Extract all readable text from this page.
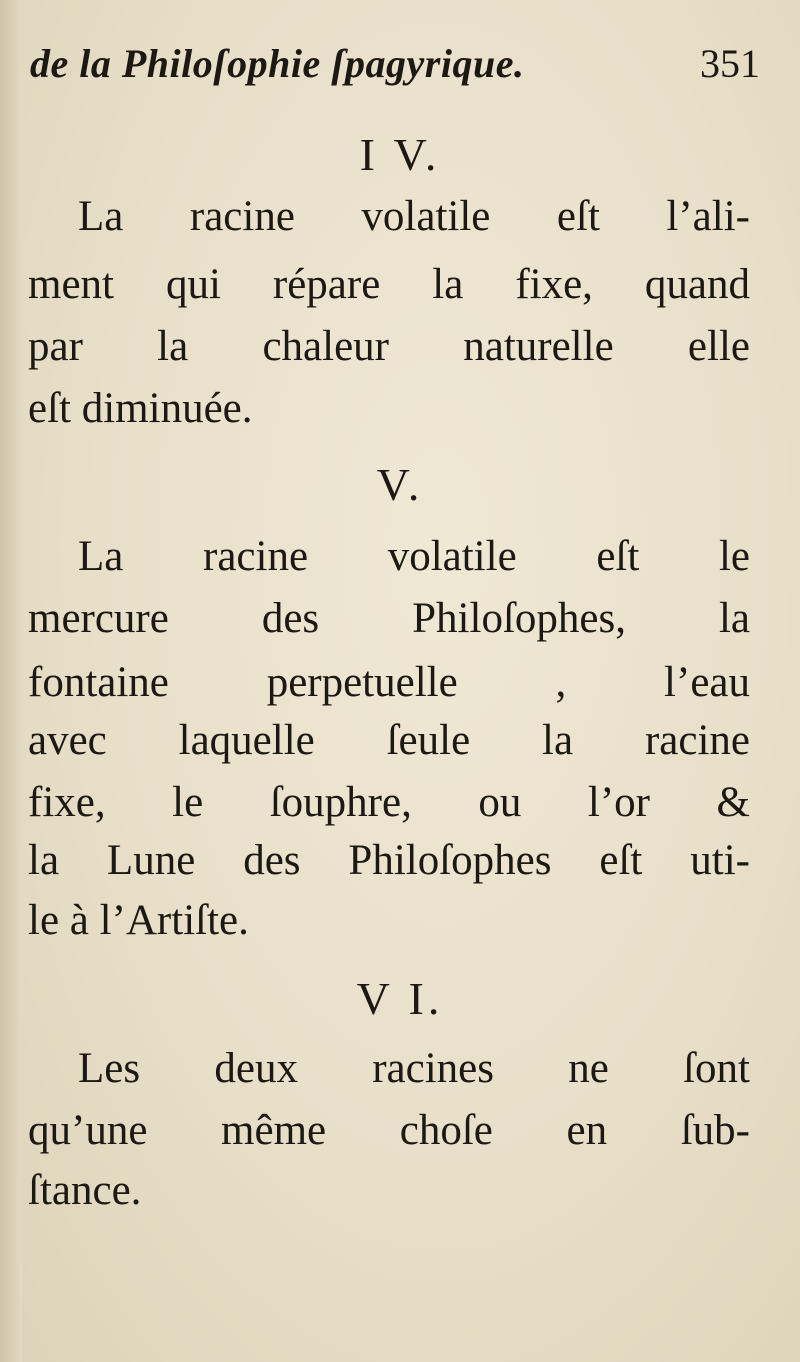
de la Philoſophie ſpagyrique.	351
I V.
La racine volatile eſt l’ali-
ment qui répare la fixe, quand
par la chaleur naturelle elle
eſt diminuée.
V.
La racine volatile eſt le
mercure des Philoſophes, la
fontaine perpetuelle , l’eau
avec laquelle ſeule la racine
fixe, le ſouphre, ou l’or &
la Lune des Philoſophes eſt uti-
le à l’Artiſte.
V I.
Les deux racines ne ſont
qu’une même choſe en ſub-
ſtance.
